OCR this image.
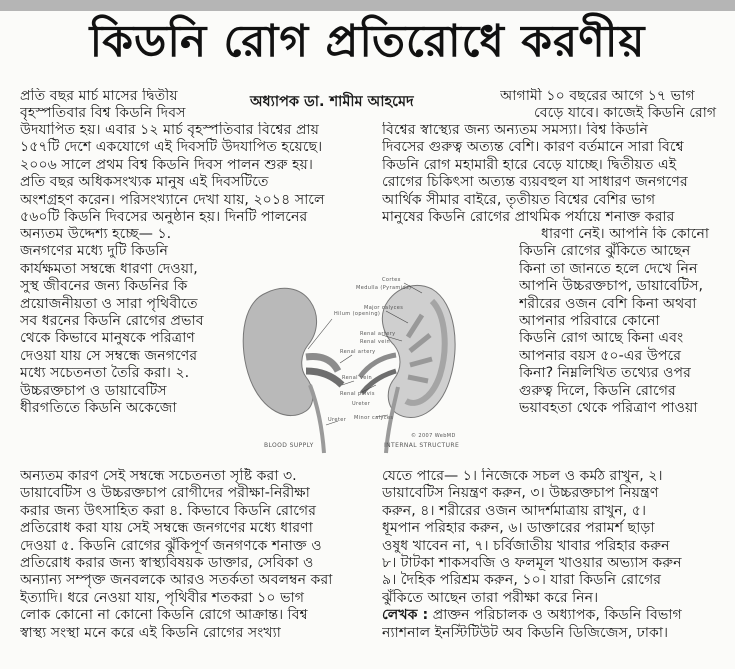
কিডনি রোগ প্রতিরোধে করণীয়
প্রতি বছর মার্চ মাসের দ্বিতীয়
বৃহস্পতিবার বিশ্ব কিডনি দিবস
অধ্যাপক ডা. শামীম আহমেদ	আগামী ১০ বছরের আগে ১৭ ভাগ
বেড়ে যাবে। কাজেই কিডনি রোগ
উদযাপিত হয়। এবার ১২ মার্চ বৃহস্পতিবার বিশ্বের প্রায়
১৫৭টি দেশে একযোগে এই দিবসটি উদযাপিত হয়েছে।
২০০৬ সালে প্রথম বিশ্ব কিডনি দিবস পালন শুরু হয়।
প্রতি বছর অধিকসংখ্যক মানুষ এই দিবসটিতে
অংশগ্রহণ করেন। পরিসংখ্যানে দেখা যায়, ২০১৪ সালে
৫৬০টি কিডনি দিবসের অনুষ্ঠান হয়। দিনটি পালনের
বিশ্বের স্বাস্থ্যের জন্য অন্যতম সমস্যা। বিশ্ব কিডনি
দিবসের গুরুত্ব অত্যন্ত বেশি। কারণ বর্তমানে সারা বিশ্বে
কিডনি রোগ মহামারী হারে বেড়ে যাচ্ছে। দ্বিতীয়ত এই
রোগের চিকিৎসা অত্যন্ত ব্যয়বহুল যা সাধারণ জনগণের
আর্থিক সীমার বাইরে, তৃতীয়ত বিশ্বের বেশির ভাগ
মানুষের কিডনি রোগের প্রাথমিক পর্যায়ে শনাক্ত করার
অন্যতম উদ্দেশ্য হচ্ছে— ১.
জনগণের মধ্যে দুটি কিডনি
কার্যক্ষমতা সম্বন্ধে ধারণা দেওয়া,
সুস্থ জীবনের জন্য কিডনির কি
প্রয়োজনীয়তা ও সারা পৃথিবীতে
সব ধরনের কিডনি রোগের প্রভাব
থেকে কিভাবে মানুষকে পরিত্রাণ
দেওয়া যায় সে সম্বন্ধে জনগণের
মধ্যে সচেতনতা তৈরি করা। ২.
উচ্চরক্তচাপ ও ডায়াবেটিস
ধীরগতিতে কিডনি অকেজো
ধারণা নেই। আপনি কি কোনো
কিডনি রোগের ঝুঁকিতে আছেন
কিনা তা জানতে হলে দেখে নিন
আপনি উচ্চরক্তচাপ, ডায়াবেটিস,
শরীরের ওজন বেশি কিনা অথবা
আপনার পরিবারে কোনো
কিডনি রোগ আছে কিনা এবং
আপনার বয়স ৫০-এর উপরে
কিনা? নিম্নলিখিত তথ্যের ওপর
গুরুত্ব দিলে, কিডনি রোগের
ভয়াবহতা থেকে পরিত্রাণ পাওয়া
BLOOD SUPPLY	INTERNAL STRUCTURE
© 2007 WebMD
Hilum (opening)
Renal artery
Renal vein
Ureter
Cortex
Medulla (Pyramids)
Major calyces
Renal artery
Renal vein
Renal pelvis
Ureter
Minor calyces
অন্যতম কারণ সেই সম্বন্ধে সচেতনতা সৃষ্টি করা ৩.
ডায়াবেটিস ও উচ্চরক্তচাপ রোগীদের পরীক্ষা-নিরীক্ষা
করার জন্য উৎসাহিত করা ৪. কিভাবে কিডনি রোগের
প্রতিরোধ করা যায় সেই সম্বন্ধে জনগণের মধ্যে ধারণা
দেওয়া ৫. কিডনি রোগের ঝুঁকিপূর্ণ জনগণকে শনাক্ত ও
প্রতিরোধ করার জন্য স্বাস্থ্যবিষয়ক ডাক্তার, সেবিকা ও
অন্যান্য সম্পৃক্ত জনবলকে আরও সতর্কতা অবলম্বন করা
ইত্যাদি। ধরে নেওয়া যায়, পৃথিবীর শতকরা ১০ ভাগ
লোক কোনো না কোনো কিডনি রোগে আক্রান্ত। বিশ্ব
স্বাস্থ্য সংস্থা মনে করে এই কিডনি রোগের সংখ্যা
যেতে পারে— ১। নিজেকে সচল ও কর্মঠ রাখুন, ২।
ডায়াবেটিস নিয়ন্ত্রণ করুন, ৩। উচ্চরক্তচাপ নিয়ন্ত্রণ
করুন, ৪। শরীরের ওজন আদর্শমাত্রায় রাখুন, ৫।
ধূমপান পরিহার করুন, ৬। ডাক্তারের পরামর্শ ছাড়া
ওষুধ খাবেন না, ৭। চর্বিজাতীয় খাবার পরিহার করুন
৮। টাটকা শাকসবজি ও ফলমূল খাওয়ার অভ্যাস করুন
৯। দৈহিক পরিশ্রম করুন, ১০। যারা কিডনি রোগের
ঝুঁকিতে আছেন তারা পরীক্ষা করে নিন।
লেখক : প্রাক্তন পরিচালক ও অধ্যাপক, কিডনি বিভাগ
ন্যাশনাল ইনস্টিটিউট অব কিডনি ডিজিজেস, ঢাকা।
